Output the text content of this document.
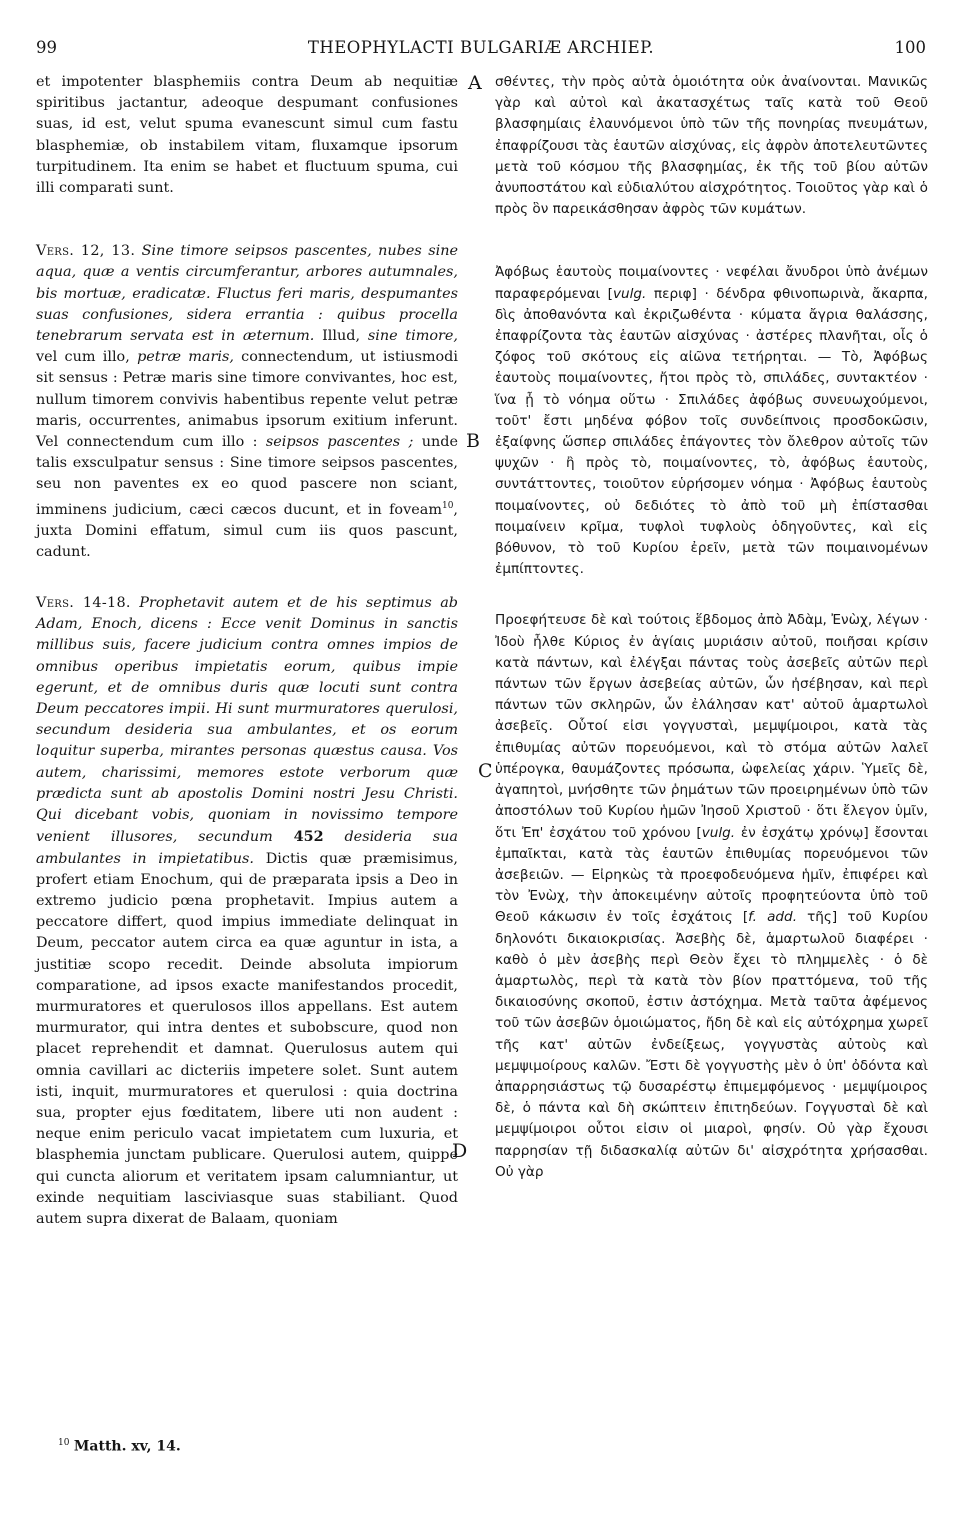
99	THEOPHYLACTI BULGARIÆ ARCHIEP.	100

et impotenter blasphemiis contra Deum ab nequitiæ spiritibus jactantur, adeoque despumant confusiones suas, id est, velut spuma evanescunt simul cum fastu blasphemiæ, ob instabilem vitam, fluxamque ipsorum turpitudinem. Ita enim se habet et fluctuum spuma, cui illi comparati sunt.

Vers. 12, 13. Sine timore seipsos pascentes, nubes sine aqua, quæ a ventis circumferantur, arbores autumnales, bis mortuæ, eradicatæ. Fluctus feri maris, despumantes suas confusiones, sidera errantia : quibus procella tenebrarum servata est in æternum. Illud, sine timore, vel cum illo, petræ maris, connectendum, ut istiusmodi sit sensus : Petræ maris sine timore convivantes, hoc est, nullum timorem convivis habentibus repente velut petræ maris, occurrentes, animabus ipsorum exitium inferunt. Vel connectendum cum illo : seipsos pascentes ; unde talis exsculpatur sensus : Sine timore seipsos pascentes, seu non paventes ex eo quod pascere non sciant, imminens judicium, cæci cæcos ducunt, et in foveam$^{10}$, juxta Domini effatum, simul cum iis quos pascunt, cadunt.

Vers. 14-18. Prophetavit autem et de his septimus ab Adam, Enoch, dicens : Ecce venit Dominus in sanctis millibus suis, facere judicium contra omnes impios de omnibus operibus impietatis eorum, quibus impie egerunt, et de omnibus duris quæ locuti sunt contra Deum peccatores impii. Hi sunt murmuratores querulosi, secundum desideria sua ambulantes, et os eorum loquitur superba, mirantes personas quæstus causa. Vos autem, charissimi, memores estote verborum quæ prædicta sunt ab apostolis Domini nostri Jesu Christi. Qui dicebant vobis, quoniam in novissimo tempore venient illusores, secundum 452 desideria sua ambulantes in impietatibus. Dictis quæ præmisimus, profert etiam Enochum, qui de præparata ipsis a Deo in extremo judicio pœna prophetavit. Impius autem a peccatore differt, quod impius immediate delinquat in Deum, peccator autem circa ea quæ aguntur in ista, a justitiæ scopo recedit. Deinde absoluta impiorum comparatione, ad ipsos exacte manifestandos procedit, murmuratores et querulosos illos appellans. Est autem murmurator, qui intra dentes et subobscure, quod non placet reprehendit et damnat. Querulosus autem qui omnia cavillari ac dicteriis impetere solet. Sunt autem isti, inquit, murmuratores et querulosi : quia doctrina sua, propter ejus fœditatem, libere uti non audent : neque enim periculo vacat impietatem cum luxuria, et blasphemia junctam publicare. Querulosi autem, quippe qui cuncta aliorum et veritatem ipsam calumniantur, ut exinde nequitiam lasciviasque suas stabiliant. Quod autem supra dixerat de Balaam, quoniam

σθέντες, τὴν πρὸς αὐτὰ ὁμοιότητα οὐκ ἀναίνονται. Μανικῶς γὰρ καὶ αὐτοὶ καὶ ἀκατασχέτως ταῖς κατὰ τοῦ Θεοῦ βλασφημίαις ἐλαυνόμενοι ὑπὸ τῶν τῆς πονηρίας πνευμάτων, ἐπαφρίζουσι τὰς ἑαυτῶν αἰσχύνας, εἰς ἀφρὸν ἀποτελευτῶντες μετὰ τοῦ κόσμου τῆς βλασφημίας, ἐκ τῆς τοῦ βίου αὐτῶν ἀνυποστάτου καὶ εὐδιαλύτου αἰσχρότητος. Τοιοῦτος γὰρ καὶ ὁ πρὸς ὃν παρεικάσθησαν ἀφρὸς τῶν κυμάτων.

Ἀφόβως ἑαυτοὺς ποιμαίνοντες · νεφέλαι ἄνυδροι ὑπὸ ἀνέμων παραφερόμεναι [vulg. περιφ] · δένδρα φθινοπωρινὰ, ἄκαρπα, δὶς ἀποθανόντα καὶ ἐκριζωθέντα · κύματα ἄγρια θαλάσσης, ἐπαφρίζοντα τὰς ἑαυτῶν αἰσχύνας · ἀστέρες πλανῆται, οἷς ὁ ζόφος τοῦ σκότους εἰς αἰῶνα τετήρηται. — Τὸ, Ἀφόβως ἑαυτοὺς ποιμαίνοντες, ἤτοι πρὸς τὸ, σπιλάδες, συντακτέον · ἵνα ᾖ τὸ νόημα οὕτω · Σπιλάδες ἀφόβως συνευωχούμενοι, τοῦτ' ἔστι μηδένα φόβον τοῖς συνδείπνοις προσδοκῶσιν, ἐξαίφνης ὥσπερ σπιλάδες ἐπάγοντες τὸν ὄλεθρον αὐτοῖς τῶν ψυχῶν · ἢ πρὸς τὸ, ποιμαίνοντες, τὸ, ἀφόβως ἑαυτοὺς, συντάττοντες, τοιοῦτον εὑρήσομεν νόημα · Ἀφόβως ἑαυτοὺς ποιμαίνοντες, οὐ δεδιότες τὸ ἀπὸ τοῦ μὴ ἐπίστασθαι ποιμαίνειν κρῖμα, τυφλοὶ τυφλοὺς ὁδηγοῦντες, καὶ εἰς βόθυνον, τὸ τοῦ Κυρίου ἐρεῖν, μετὰ τῶν ποιμαινομένων ἐμπίπτοντες.

Προεφήτευσε δὲ καὶ τούτοις ἕβδομος ἀπὸ Ἀδὰμ, Ἐνὼχ, λέγων · Ἰδοὺ ἦλθε Κύριος ἐν ἁγίαις μυριάσιν αὐτοῦ, ποιῆσαι κρίσιν κατὰ πάντων, καὶ ἐλέγξαι πάντας τοὺς ἀσεβεῖς αὐτῶν περὶ πάντων τῶν ἔργων ἀσεβείας αὐτῶν, ὧν ἠσέβησαν, καὶ περὶ πάντων τῶν σκληρῶν, ὧν ἐλάλησαν κατ' αὐτοῦ ἁμαρτωλοὶ ἀσεβεῖς. Οὗτοί εἰσι γογγυσταὶ, μεμψίμοιροι, κατὰ τὰς ἐπιθυμίας αὐτῶν πορευόμενοι, καὶ τὸ στόμα αὐτῶν λαλεῖ ὑπέρογκα, θαυμάζοντες πρόσωπα, ὠφελείας χάριν. Ὑμεῖς δὲ, ἀγαπητοὶ, μνήσθητε τῶν ῥημάτων τῶν προειρημένων ὑπὸ τῶν ἀποστόλων τοῦ Κυρίου ἡμῶν Ἰησοῦ Χριστοῦ · ὅτι ἔλεγον ὑμῖν, ὅτι Ἐπ' ἐσχάτου τοῦ χρόνου [vulg. ἐν ἐσχάτῳ χρόνῳ] ἔσονται ἐμπαῖκται, κατὰ τὰς ἑαυτῶν ἐπιθυμίας πορευόμενοι τῶν ἀσεβειῶν. — Εἰρηκὼς τὰ προεφοδευόμενα ἡμῖν, ἐπιφέρει καὶ τὸν Ἐνὼχ, τὴν ἀποκειμένην αὐτοῖς προφητεύοντα ὑπὸ τοῦ Θεοῦ κάκωσιν ἐν τοῖς ἐσχάτοις [f. add. τῆς] τοῦ Κυρίου δηλονότι δικαιοκρισίας. Ἀσεβὴς δὲ, ἁμαρτωλοῦ διαφέρει · καθὸ ὁ μὲν ἀσεβὴς περὶ Θεὸν ἔχει τὸ πλημμελὲς · ὁ δὲ ἁμαρτωλὸς, περὶ τὰ κατὰ τὸν βίον πραττόμενα, τοῦ τῆς δικαιοσύνης σκοποῦ, ἐστιν ἀστόχημα. Μετὰ ταῦτα ἀφέμενος τοῦ τῶν ἀσεβῶν ὁμοιώματος, ἤδη δὲ καὶ εἰς αὐτόχρημα χωρεῖ τῆς κατ' αὐτῶν ἐνδείξεως, γογγυστὰς αὐτοὺς καὶ μεμψιμοίρους καλῶν. Ἔστι δὲ γογγυστὴς μὲν ὁ ὑπ' ὀδόντα καὶ ἀπαρρησιάστως τῷ δυσαρέστῳ ἐπιμεμφόμενος · μεμψίμοιρος δὲ, ὁ πάντα καὶ δὴ σκώπτειν ἐπιτηδεύων. Γογγυσταὶ δὲ καὶ μεμψίμοιροι οὗτοι εἰσιν οἱ μιαροὶ, φησίν. Οὐ γὰρ ἔχουσι παρρησίαν τῇ διδασκαλίᾳ αὐτῶν δι' αἰσχρότητα χρήσασθαι. Οὐ γὰρ

A
B
C
D
$^{10}$ Matth. xv, 14.
